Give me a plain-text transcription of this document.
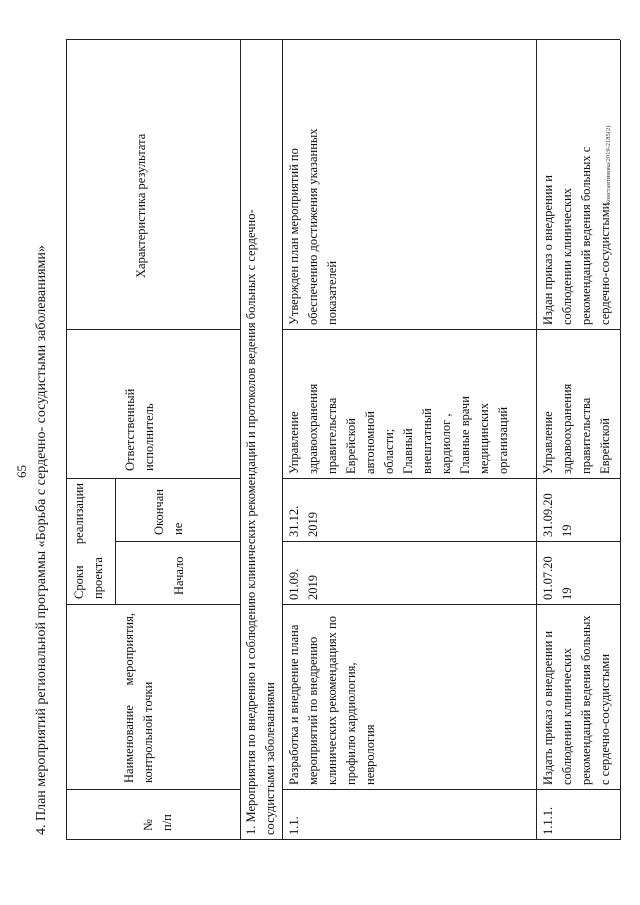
65 4. План мероприятий региональной программы «Борьба с сердечно- сосудистыми заболеваниями»	№ п/п
Наименование
мероприятия,
контрольной точки
Сроки
реализации
проекта	Начало
Окончан ие
Ответственный исполнитель
Характеристика результата
1. Мероприятия по внедрению и соблюдению клинических рекомендаций и протоколов ведения больных с сердечно- сосудистыми заболеваниями 1.1.
Разработка и внедрение плана мероприятий по внедрению клинических рекомендациях по профилю кардиология, неврология
01.09. 2019
31.12. 2019
Управление здравоохранения правительства Еврейской автономной области; Главный внештатный кардиолог , Главные врачи медицинских организаций
Утвержден план мероприятий по обеспечению достижения указанных показателей
1.1.1.
Издать приказ о внедрении и соблюдении клинических рекомендаций ведения больных с сердечно-сосудистыми
01.07.20 19
31.09.20 19
Управление здравоохранения правительства Еврейской
Издан приказ о внедрении и соблюдении клинических рекомендаций ведения больных с сердечно-сосудистыми
Константинова/2019-2185(2)
